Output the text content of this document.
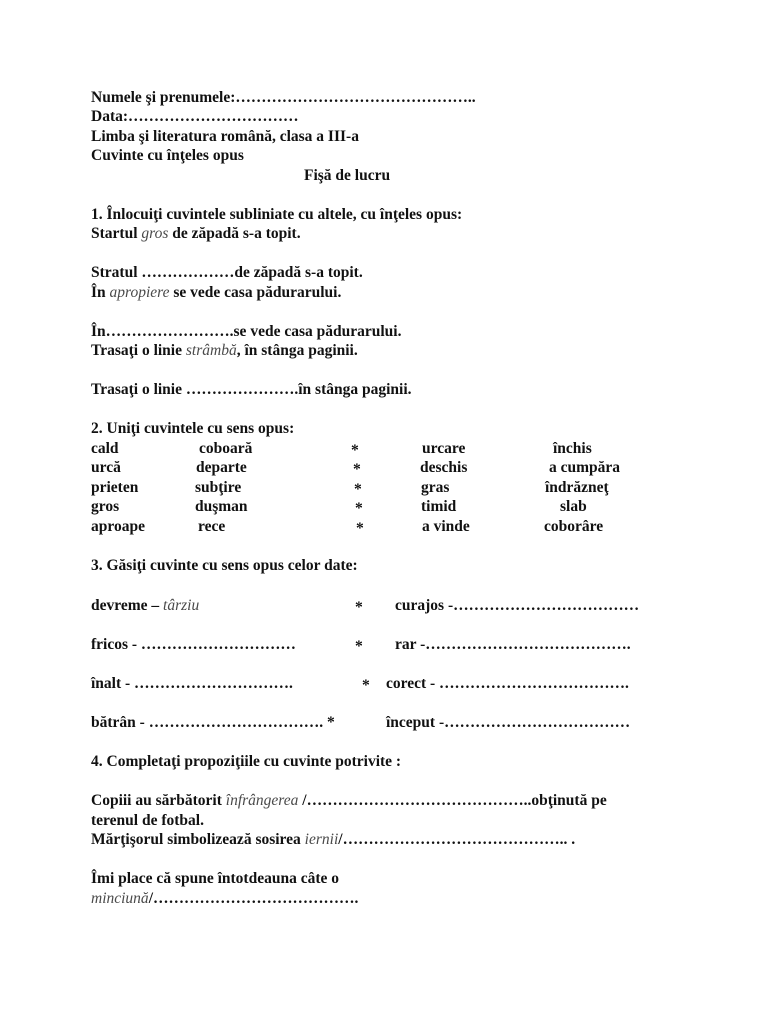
Numele şi prenumele:………………………………………..
Data:……………………………
Limba şi literatura română, clasa a III-a
Cuvinte cu înţeles opus
Fişă de lucru
1. Înlocuiţi cuvintele subliniate cu altele, cu înţeles opus:
Startul gros de zăpadă s-a topit.
Stratul ………………de zăpadă s-a topit.
În apropiere se vede casa pădurarului.
În…………………….se vede casa pădurarului.
Trasaţi o linie strâmbă, în stânga paginii.
Trasaţi o linie ………………….în stânga paginii.
2. Uniţi cuvintele cu sens opus:
cald	coboară	*	urcare	închis
urcă	departe	*	deschis	a cumpăra
prieten	subţire	*	gras	îndrăzneţ
gros	duşman	*	timid	slab
aproape	rece	*	a vinde	coborâre
3. Găsiţi cuvinte cu sens opus celor date:
devreme – târziu	* curajos -………………………………
fricos - …………………………	* rar -………………………………….
înalt - ………………………….	* corect - ……………………………….
bătrân - ……………………………. *	început -………………………………
4. Completaţi propoziţiile cu cuvinte potrivite :
Copiii au sărbătorit înfrângerea /……………………………………..obţinută pe
terenul de fotbal.
Mărţişorul simbolizează sosirea iernii/…………………………………….. .
Îmi place că spune întotdeauna câte o
minciună/………………………………….
